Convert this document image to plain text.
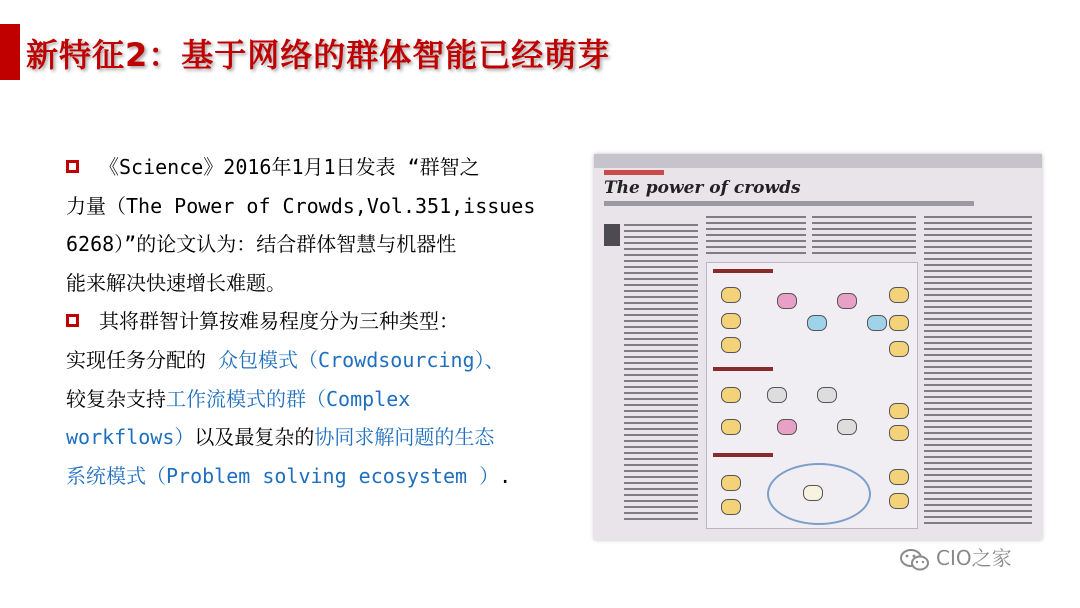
新特征2：基于网络的群体智能已经萌芽
《Science》2016年1月1日发表 “群智之
力量（The Power of Crowds,Vol.351,issues
6268）”的论文认为：结合群体智慧与机器性
能来解决快速增长难题。
其将群智计算按难易程度分为三种类型：
实现任务分配的 众包模式（Crowdsourcing）、
较复杂支持工作流模式的群（Complex
workflows）以及最复杂的协同求解问题的生态
系统模式（Problem solving ecosystem ）.
The power of crowds
CIO之家
